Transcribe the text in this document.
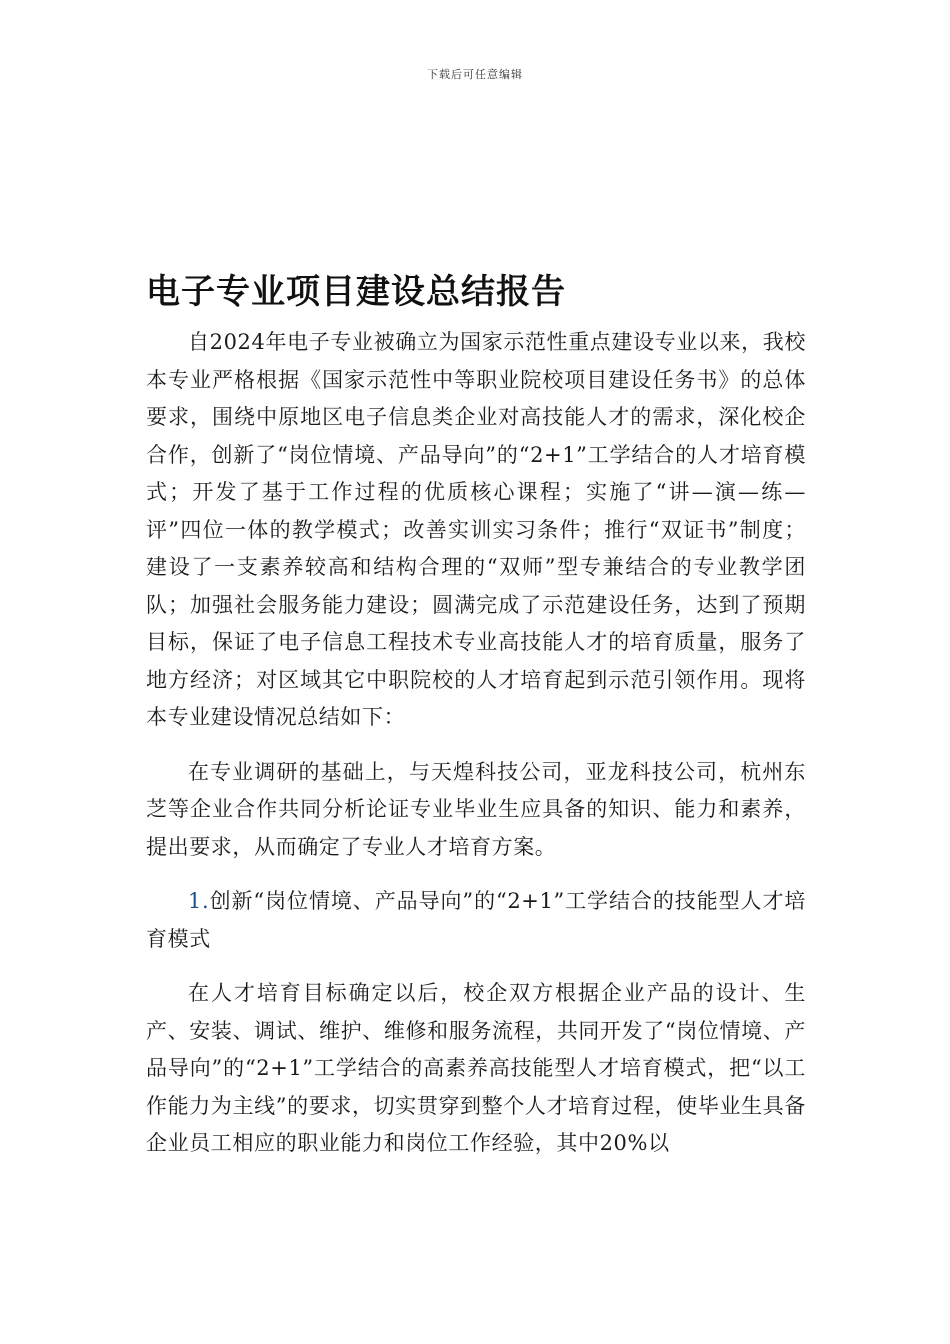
下载后可任意编辑
电子专业项目建设总结报告

自2024年电子专业被确立为国家示范性重点建设专业以来，我校本专业严格根据《国家示范性中等职业院校项目建设任务书》的总体要求，围绕中原地区电子信息类企业对高技能人才的需求，深化校企合作，创新了“岗位情境、产品导向”的“2+1”工学结合的人才培育模式；开发了基于工作过程的优质核心课程；实施了“讲—演—练—评”四位一体的教学模式；改善实训实习条件；推行“双证书”制度；建设了一支素养较高和结构合理的“双师”型专兼结合的专业教学团队；加强社会服务能力建设；圆满完成了示范建设任务，达到了预期目标，保证了电子信息工程技术专业高技能人才的培育质量，服务了地方经济；对区域其它中职院校的人才培育起到示范引领作用。现将本专业建设情况总结如下：

在专业调研的基础上，与天煌科技公司，亚龙科技公司，杭州东芝等企业合作共同分析论证专业毕业生应具备的知识、能力和素养，提出要求，从而确定了专业人才培育方案。

1.创新“岗位情境、产品导向”的“2+1”工学结合的技能型人才培育模式

在人才培育目标确定以后，校企双方根据企业产品的设计、生产、安装、调试、维护、维修和服务流程，共同开发了“岗位情境、产品导向”的“2+1”工学结合的高素养高技能型人才培育模式，把“以工作能力为主线”的要求，切实贯穿到整个人才培育过程，使毕业生具备企业员工相应的职业能力和岗位工作经验，其中20%以
